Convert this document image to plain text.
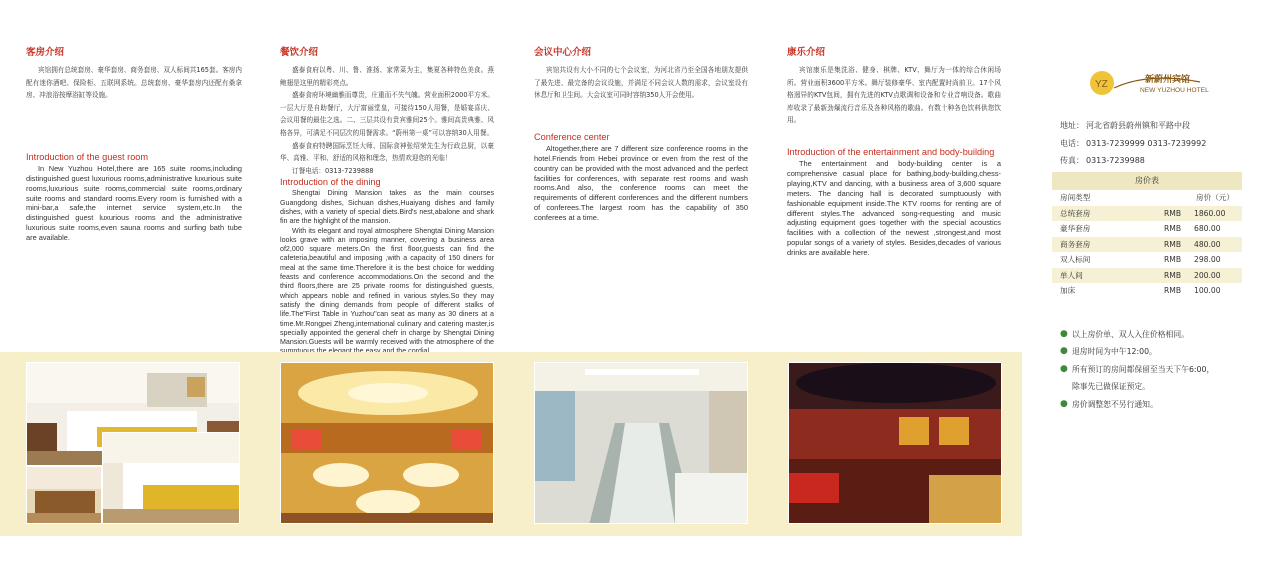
客房介绍

宾馆拥有总统套房、豪华套房、商务套房、双人标间共165套。客房内配有迷你酒吧、保险柜、五联网系统。总统套房、豪华套房内还配有桑拿房、冲浪浴按摩浴缸等设施。

Introduction of the guest room

In New Yuzhou Hotel,there are 165 suite rooms,including distinguished guest luxurious rooms,administrative luxurious suite rooms,luxurious suite rooms,commercial suite rooms,ordinary suite rooms and standard rooms.Every room is furnished with a mini-bar,a safe,the internet service system,etc.In the distinguished guest luxurious rooms and the administrative luxurious suite rooms,even sauna rooms and surfing bath tube are available.

餐饮介绍

盛泰食府以粤、川、鲁、淮扬、家常菜为主，集夏各种特色美食。燕鲍翅是这里的精彩亮点。

盛泰食府环境幽雅而尊贵，庄重而不失气魄。营业面积2000平方米。一层大厅是自助餐厅，大厅富丽堂皇，可接待150人用餐，是婚宴喜庆、会议用餐的最佳之选。二、三层共设有贵宾雅间25个。雅间高贵典雅、风格各异，可满足不同层次的用餐需求。“蔚州第一桌”可以容纳30人用餐。

盛泰食府特聘国际烹饪大师、国际食神张绍荣先生为行政总厨，以豪华、高雅、平和、舒适的风格和理念，热情欢迎您的光临！

订餐电话：0313-7239888

Introduction of the dining

Shengtai Dining Mansion takes as the main courses Guangdong dishes, Sichuan dishes,Huaiyang dishes and family dishes, with a variety of special diets.Bird's nest,abalone and shark fin are the highlight of the mansion.

With its elegant and royal atmosphere Shengtai Dining Mansion looks grave with an imposing manner, covering a business area of2,000 square meters.On the first floor,guests can find the cafeteria,beautiful and imposing ,with a capacity of 150 diners for meal at the same time.Therefore it is the best choice for wedding feasts and conference accommodations.On the second and the third floors,there are 25 private rooms for distinguished guests, which appears noble and refined in various styles.So they may satisfy the dining demands from people of different stalks of life.The"First Table in Yuzhou"can seat as many as 30 diners at a time.Mr.Rongpei Zheng,international culinary and catering master,is specially appointed the general chefr in charge by Shengtai Dining Mansion.Guests will be warmly received with the atmosphere of the

会议中心介绍

宾馆共设有大小不同的七个会议室，为河北省乃至全国各地朋友提供了最先进、最完备的会议设施，并满足不同会议人数的需求，会议室设有休息厅和卫生间。大会议室可同时容纳350人开会使用。

Conference center

Altogether,there are 7 different size conference rooms in the hotel.Friends from Hebei province or even from the rest of the country can be provided with the most advanced and the perfect facilities for conferences, with separate rest rooms and wash rooms.And also, the conference rooms can meet the requirements of different conferences and the different numbers of conferees.The largest room has the capability of 350 conferees at a time.

康乐介绍

宾馆康乐是集洗浴、健身、棋牌、KTV、舞厅为一体的综合休闲场所。营业面积3600平方米。舞厅装修豪华、室内配置时尚前卫。17个风格迥异的KTV包间，拥有先进的KTV点歌调和设备和专业音响设备。歌曲库收录了最新劲爆流行音乐及各种风格的歌曲。有数十种各色饮料供您饮用。

Introduction of the entertainment and body-building

The entertainment and body-building center is a comprehensive casual place for bathing,body-building,chess-playing,KTV and dancing, with a business area of 3,600 square meters. The dancing hall is decorated sumptuously with fashionable equipment inside.The KTV rooms for renting are of different styles.The advanced song-requesting and music adjusting equipment goes together with the special acoustics facilities with a collection of the newest ,strongest,and most popular songs of a variety of styles. Besides,decades of various drinks are available here.

YZ	新蔚州宾馆
NEW YUZHOU HOTEL
地址： 河北省蔚县蔚州镇和平路中段
电话： 0313-7239999 0313-7239992
传真： 0313-7239988
房价表
房间类型	房价（元）
总统套房	RMB	1860.00
豪华套房	RMB	680.00
商务套房	RMB	480.00
双人标间	RMB	298.00
单人间	RMB	200.00
加床	RMB	100.00
● 以上房价单、双人入住价格相同。
● 退房时间为中午12:00。
● 所有预订的房间都保留至当天下午6:00，
除事先已做保证预定。
● 房价调整恕不另行通知。
